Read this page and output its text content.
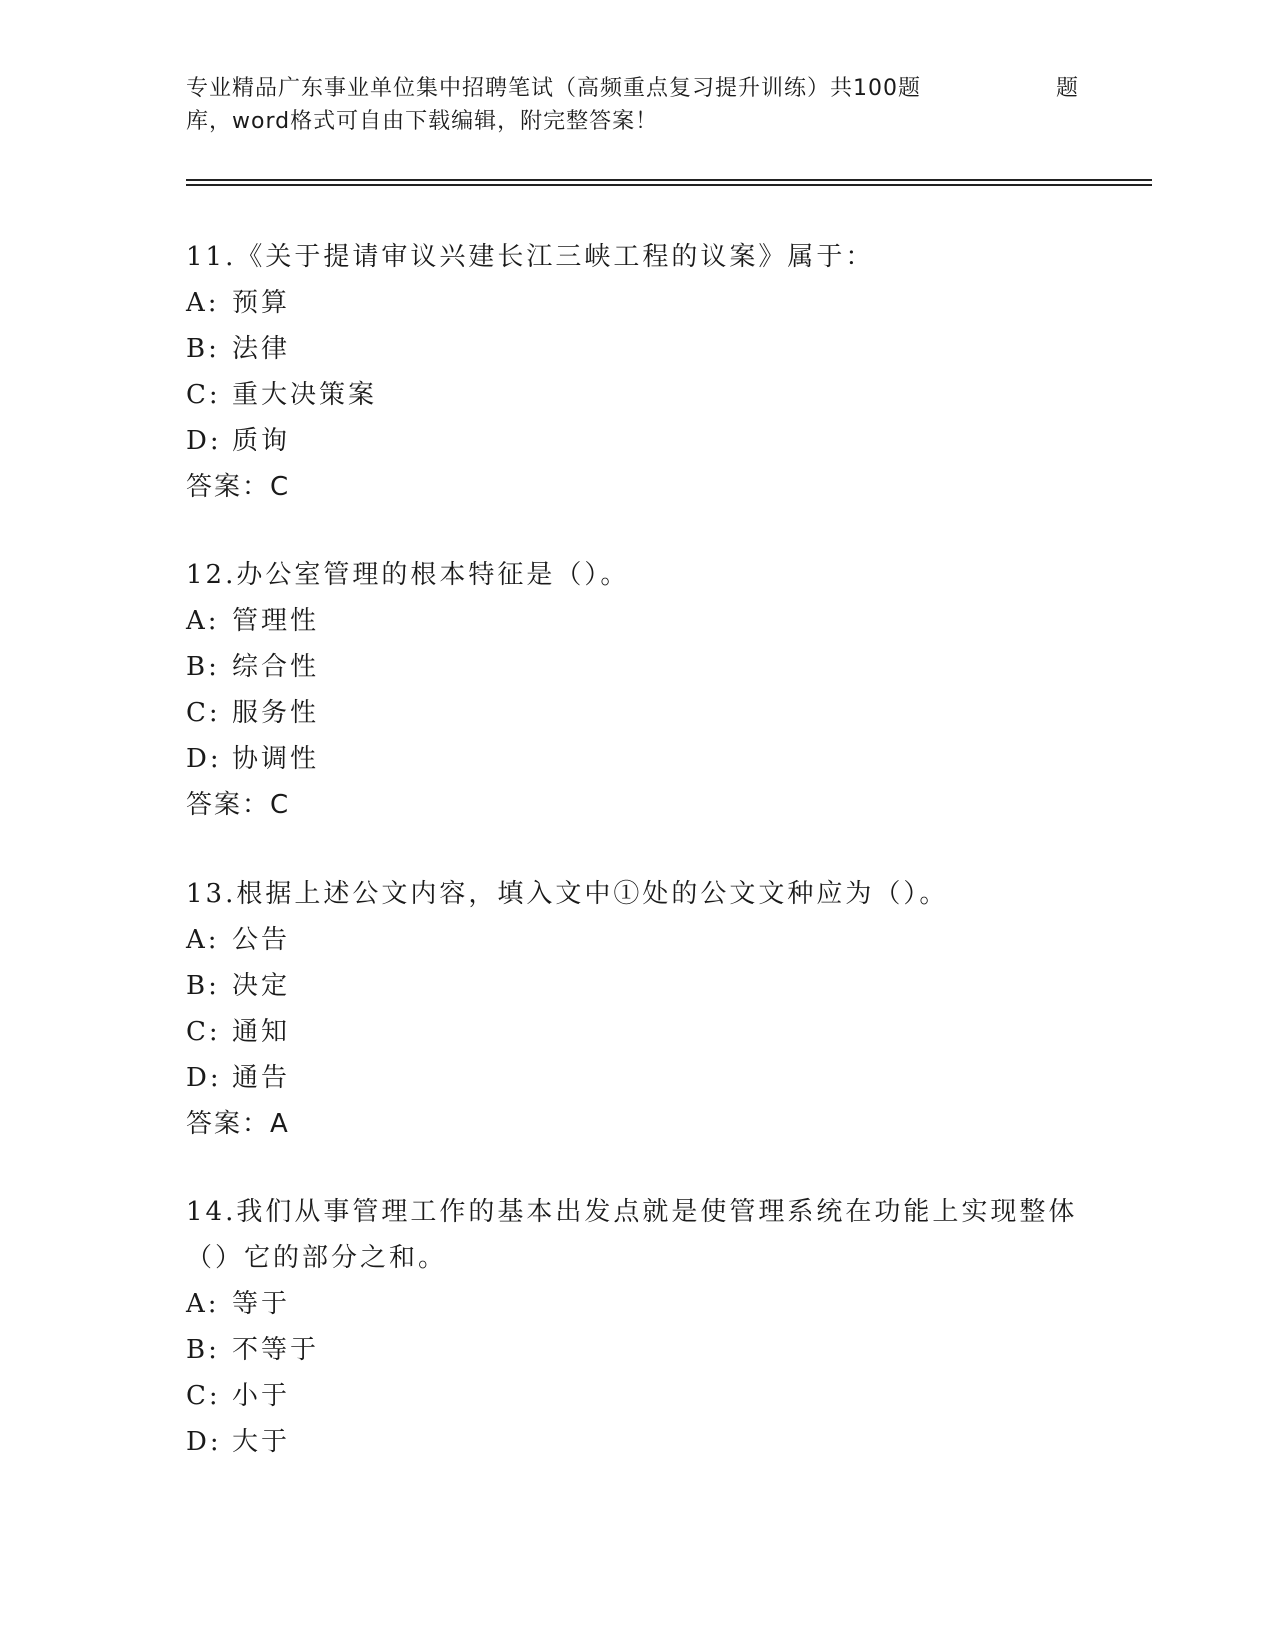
专业精品广东事业单位集中招聘笔试（高频重点复习提升训练）共100题	题
库，word格式可自由下载编辑，附完整答案！
11.《关于提请审议兴建长江三峡工程的议案》属于：
A: 预算
B: 法律
C: 重大决策案
D: 质询
答案：C
12.办公室管理的根本特征是（）。
A: 管理性
B: 综合性
C: 服务性
D: 协调性
答案：C
13.根据上述公文内容，填入文中①处的公文文种应为（）。
A: 公告
B: 决定
C: 通知
D: 通告
答案：A
14.我们从事管理工作的基本出发点就是使管理系统在功能上实现整体（）它的部分之和。
A: 等于
B: 不等于
C: 小于
D: 大于
